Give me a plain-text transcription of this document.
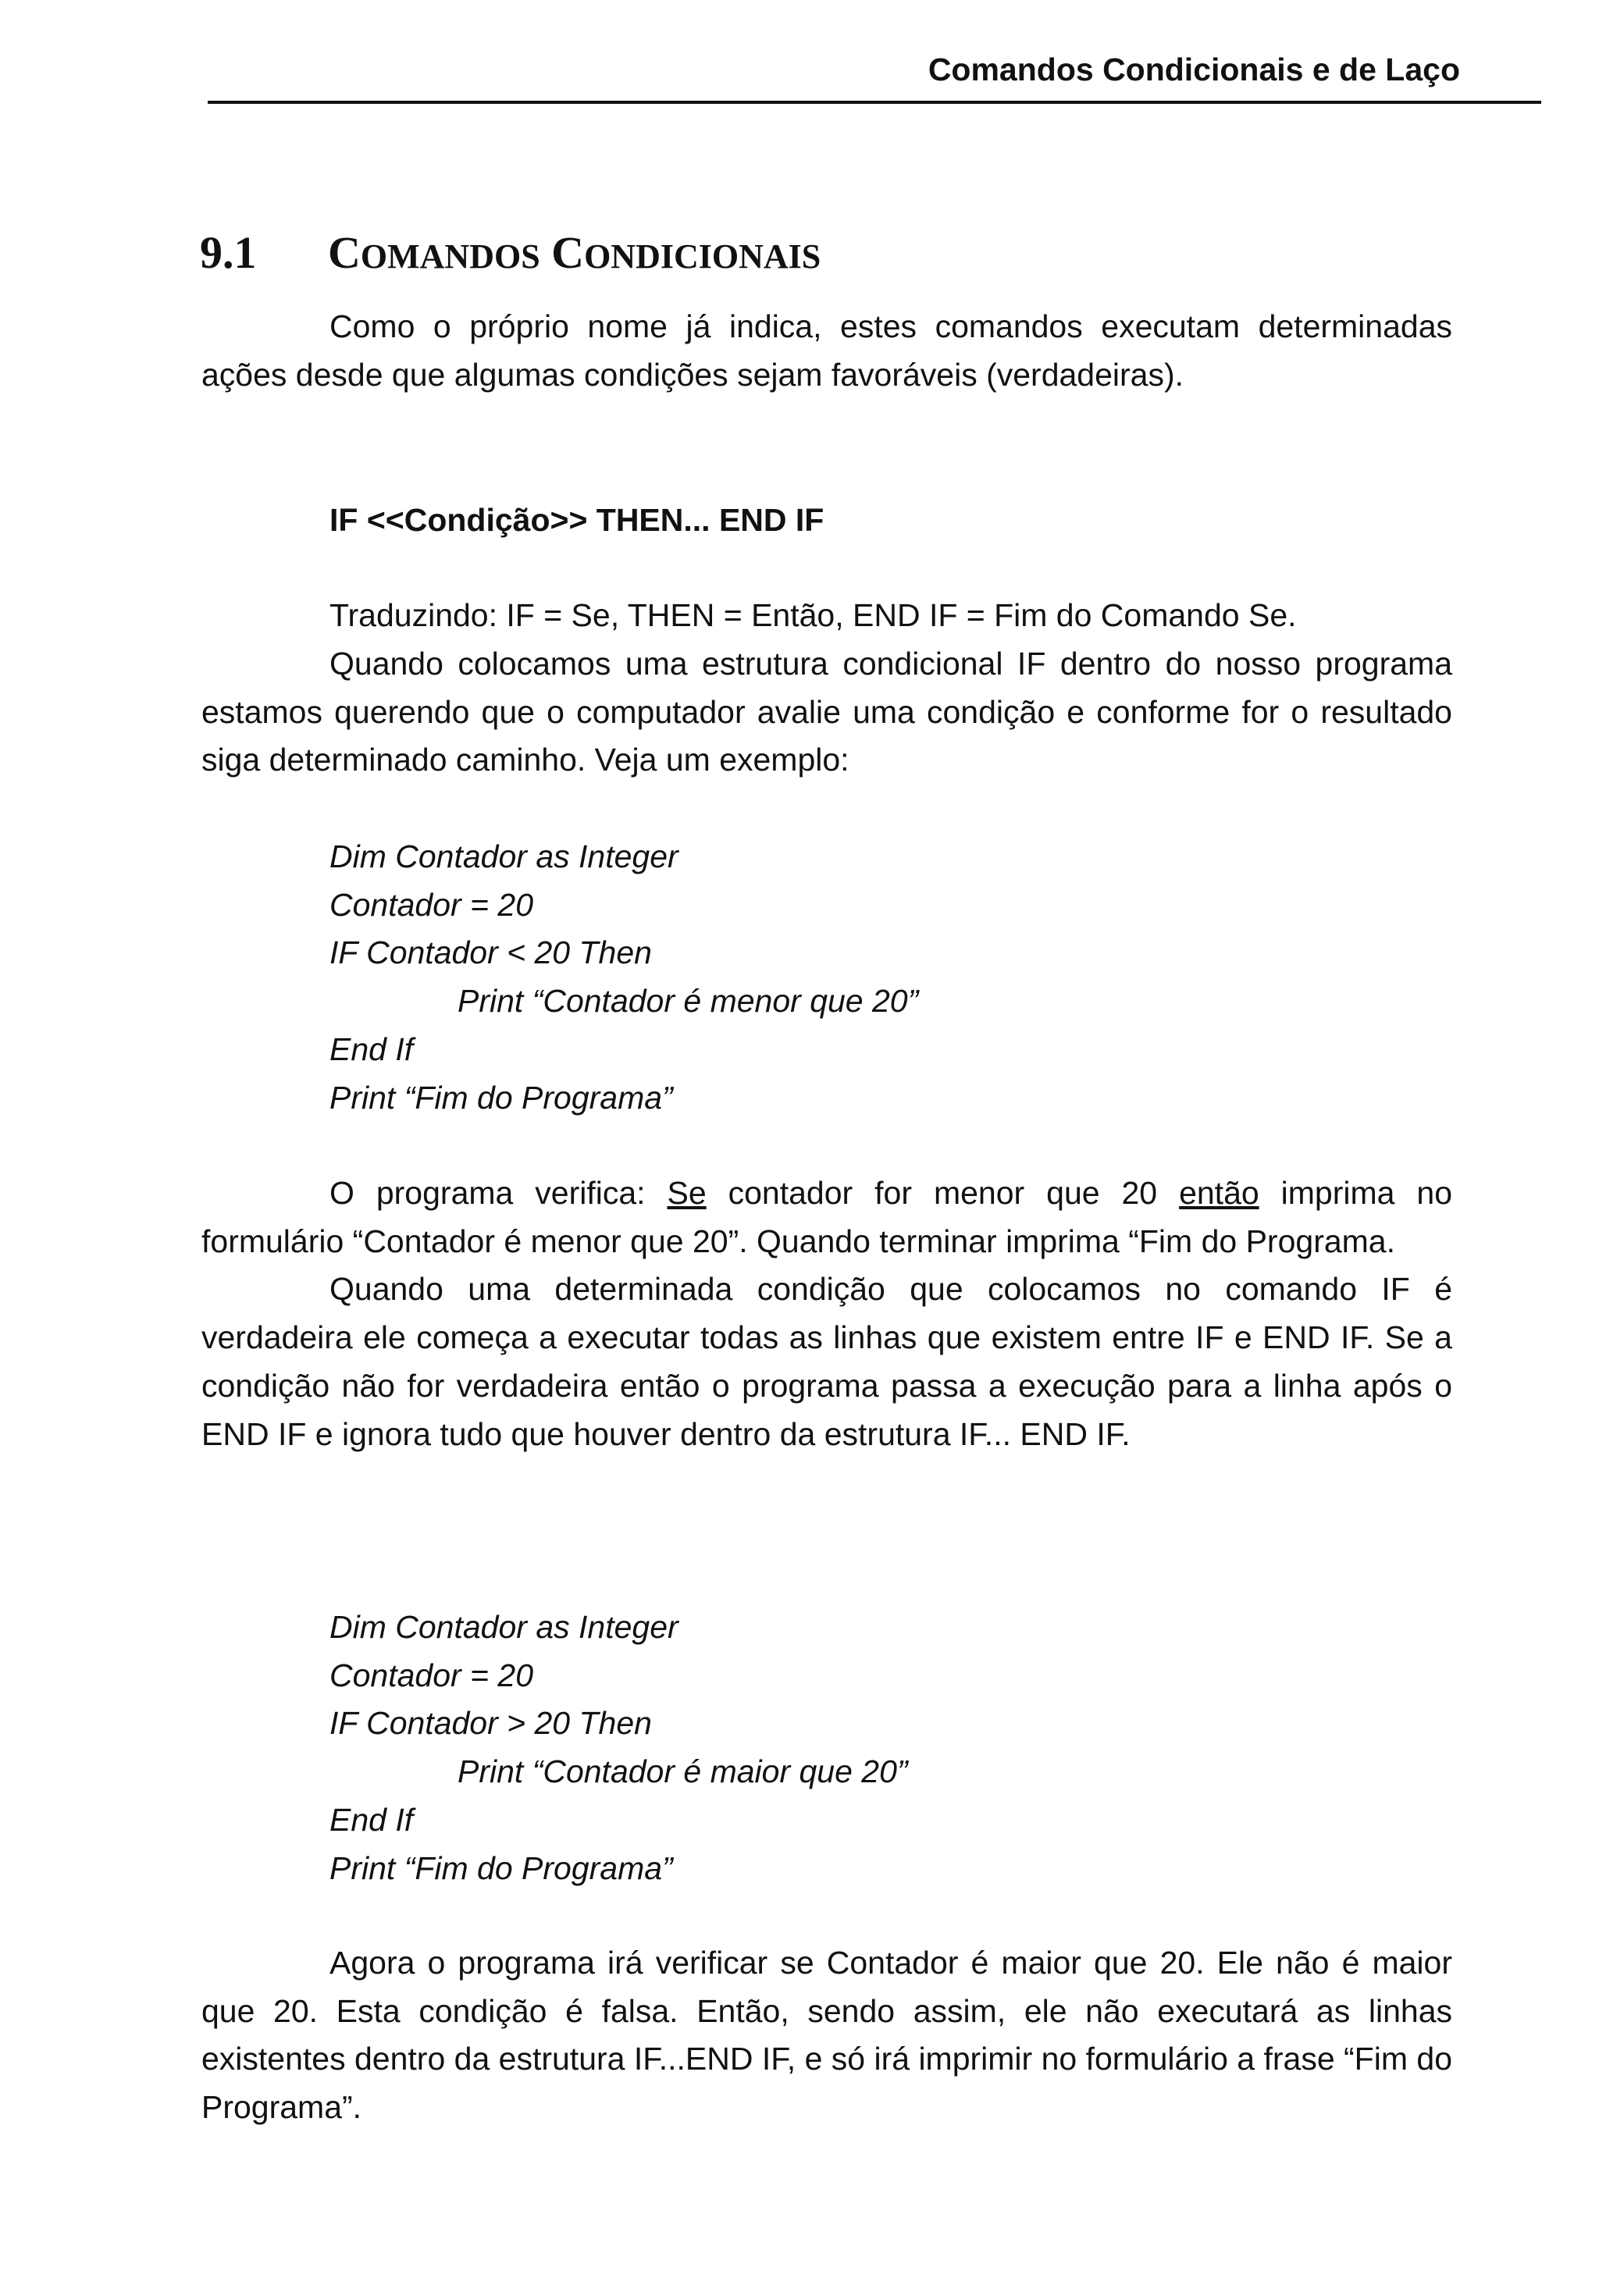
Comandos Condicionais e de Laço
9.1 COMANDOS CONDICIONAIS

Como o próprio nome já indica, estes comandos executam determinadas ações desde que algumas condições sejam favoráveis (verdadeiras).

IF <<Condição>> THEN... END IF
Traduzindo: IF = Se, THEN = Então, END IF = Fim do Comando Se.

Quando colocamos uma estrutura condicional IF dentro do nosso programa estamos querendo que o computador avalie uma condição e conforme for o resultado siga determinado caminho. Veja um exemplo:

Dim Contador as Integer
Contador = 20
IF Contador < 20 Then
Print “Contador é menor que 20”
End If
Print “Fim do Programa”

O programa verifica: Se contador for menor que 20 então imprima no formulário “Contador é menor que 20”. Quando terminar imprima “Fim do Programa.

Quando uma determinada condição que colocamos no comando IF é verdadeira ele começa a executar todas as linhas que existem entre IF e END IF. Se a condição não for verdadeira então o programa passa a execução para a linha após o END IF e ignora tudo que houver dentro da estrutura IF... END IF.

Dim Contador as Integer
Contador = 20
IF Contador > 20 Then
Print “Contador é maior que 20”
End If
Print “Fim do Programa”

Agora o programa irá verificar se Contador é maior que 20. Ele não é maior que 20. Esta condição é falsa. Então, sendo assim, ele não executará as linhas existentes dentro da estrutura IF...END IF, e só irá imprimir no formulário a frase “Fim do Programa”.
